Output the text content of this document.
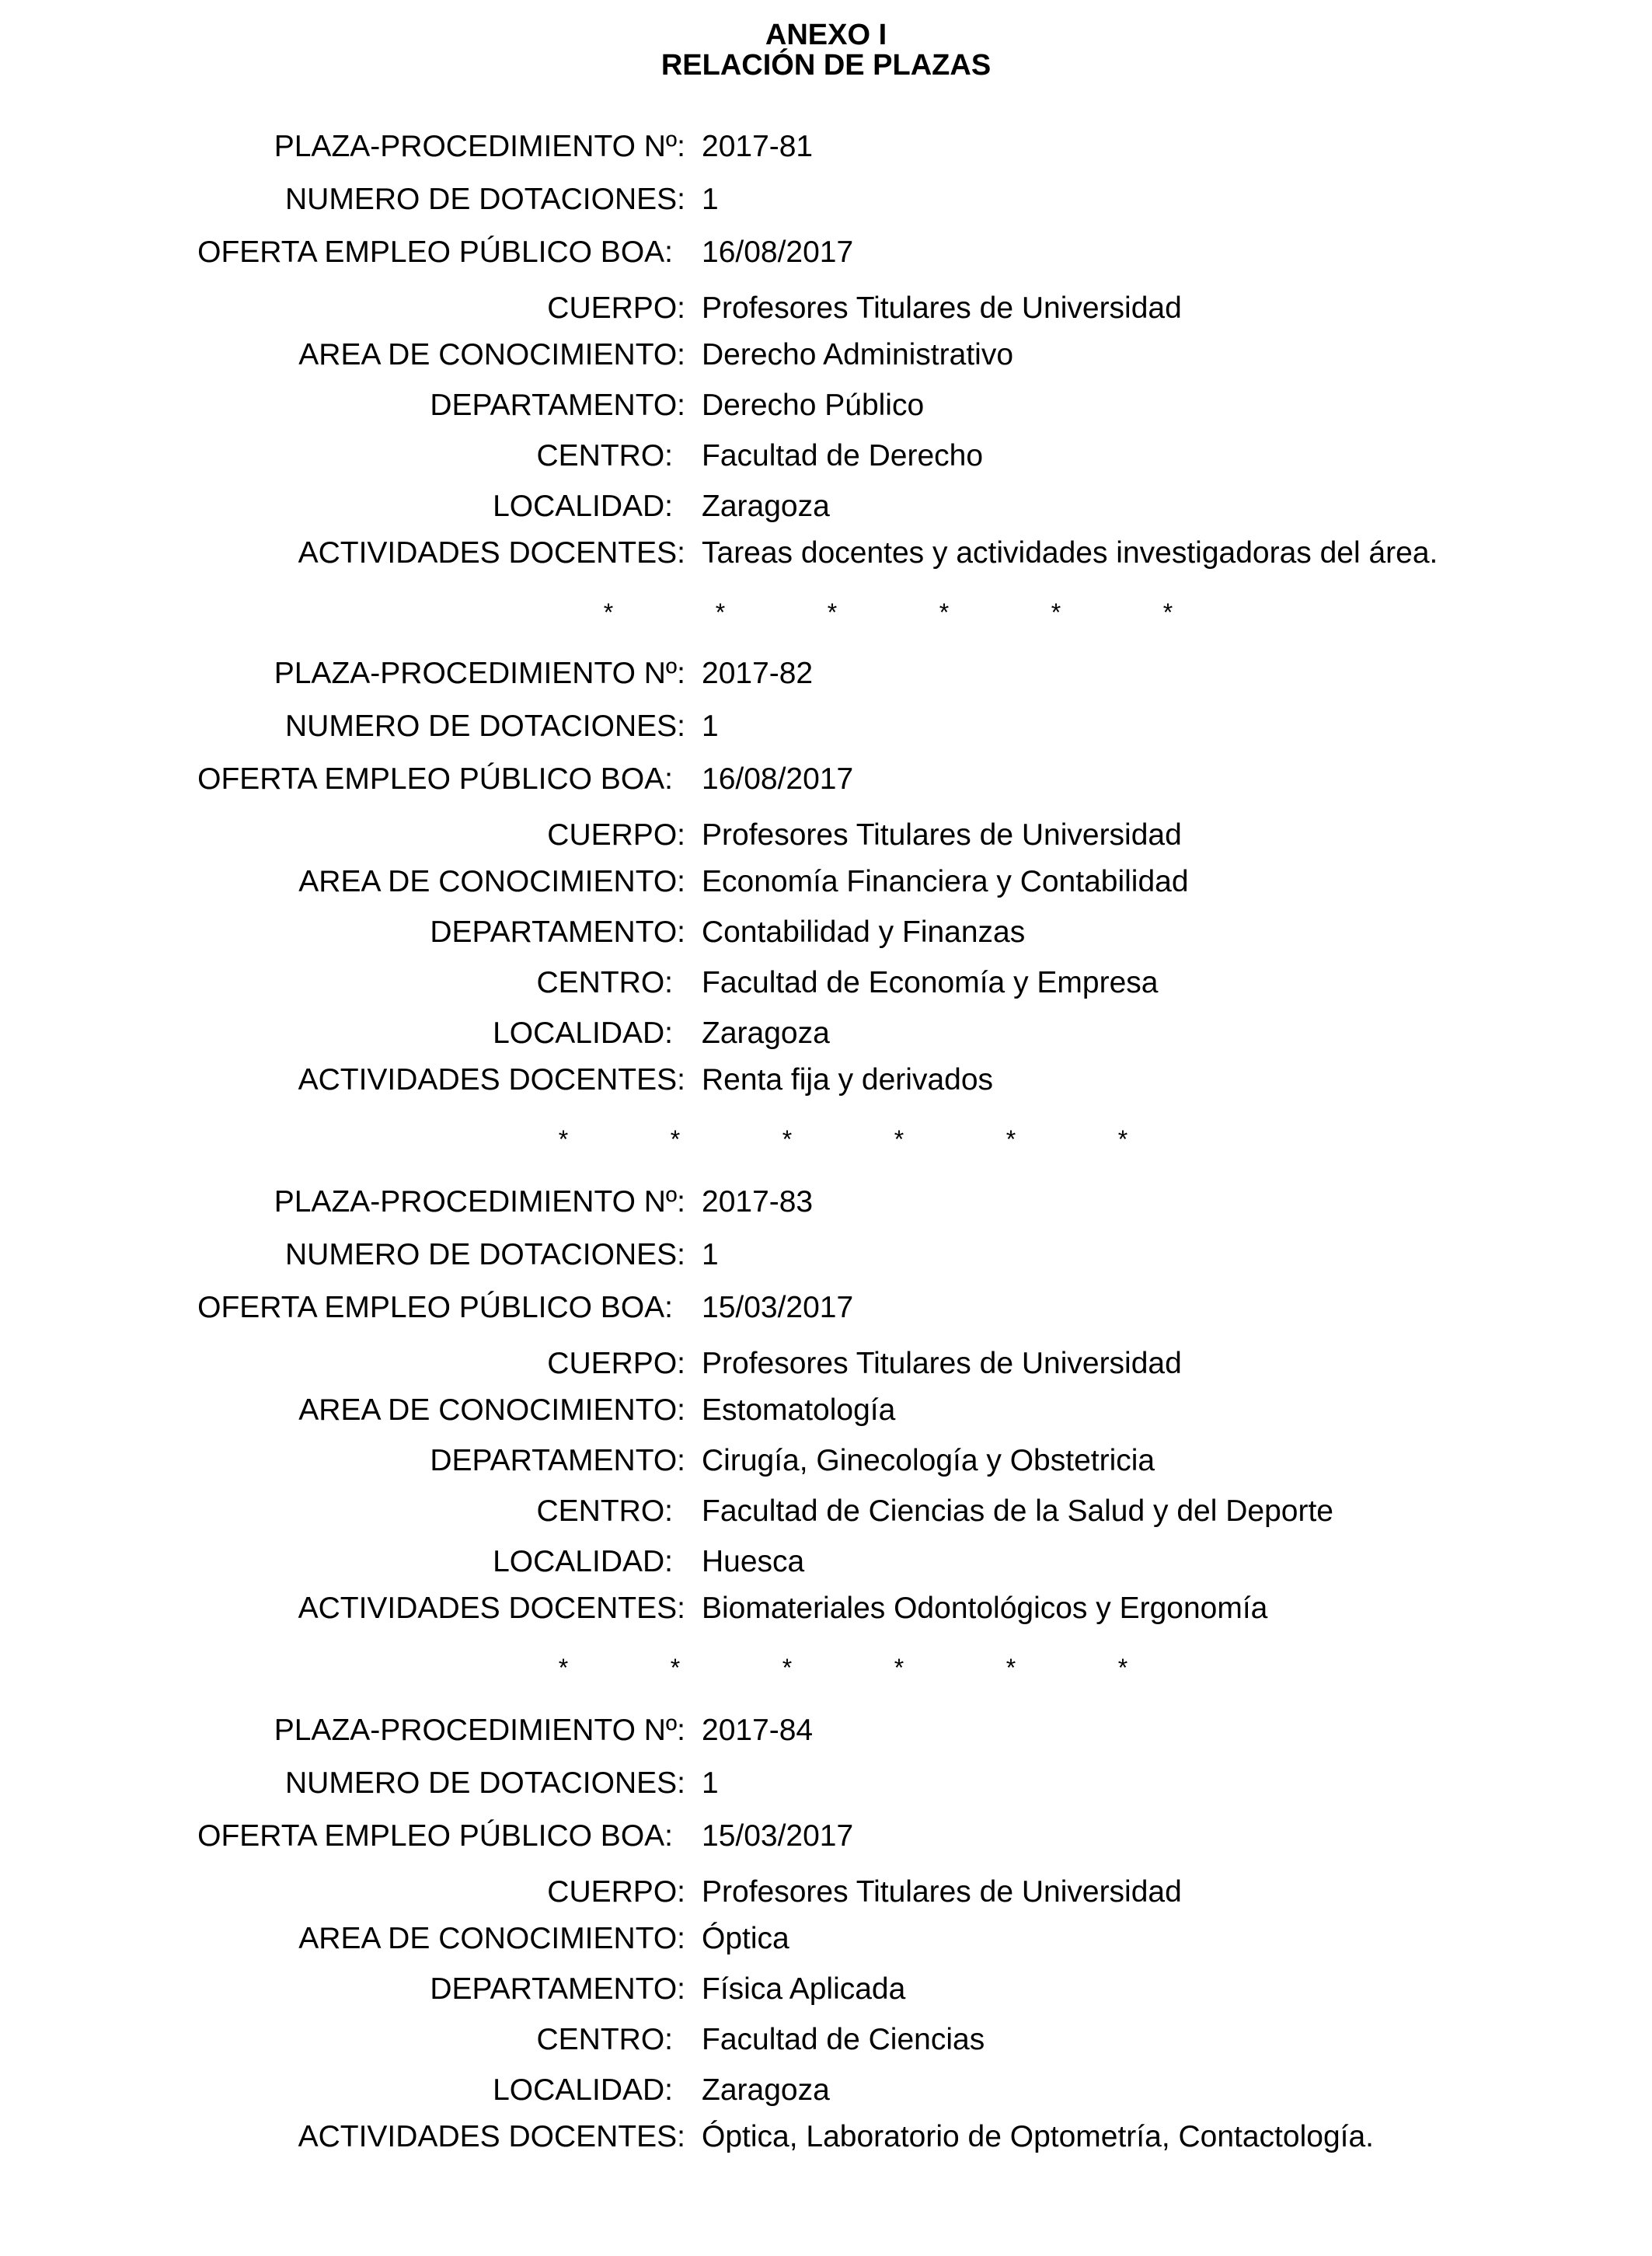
ANEXO I
RELACIÓN DE PLAZAS
PLAZA-PROCEDIMIENTO Nº: 2017-81
NUMERO DE DOTACIONES: 1
OFERTA EMPLEO PÚBLICO BOA: 16/08/2017
CUERPO: Profesores Titulares de Universidad
AREA DE CONOCIMIENTO: Derecho Administrativo
DEPARTAMENTO: Derecho Público
CENTRO: Facultad de Derecho
LOCALIDAD: Zaragoza
ACTIVIDADES DOCENTES: Tareas docentes y actividades investigadoras del área.
*	*	*	*	*	*
PLAZA-PROCEDIMIENTO Nº: 2017-82
NUMERO DE DOTACIONES: 1
OFERTA EMPLEO PÚBLICO BOA: 16/08/2017
CUERPO: Profesores Titulares de Universidad
AREA DE CONOCIMIENTO: Economía Financiera y Contabilidad
DEPARTAMENTO: Contabilidad y Finanzas
CENTRO: Facultad de Economía y Empresa
LOCALIDAD: Zaragoza
ACTIVIDADES DOCENTES: Renta fija y derivados
*	*	*	*	*	*
PLAZA-PROCEDIMIENTO Nº: 2017-83
NUMERO DE DOTACIONES: 1
OFERTA EMPLEO PÚBLICO BOA: 15/03/2017
CUERPO: Profesores Titulares de Universidad
AREA DE CONOCIMIENTO: Estomatología
DEPARTAMENTO: Cirugía, Ginecología y Obstetricia
CENTRO: Facultad de Ciencias de la Salud y del Deporte
LOCALIDAD: Huesca
ACTIVIDADES DOCENTES: Biomateriales Odontológicos y Ergonomía
*	*	*	*	*	*
PLAZA-PROCEDIMIENTO Nº: 2017-84
NUMERO DE DOTACIONES: 1
OFERTA EMPLEO PÚBLICO BOA: 15/03/2017
CUERPO: Profesores Titulares de Universidad
AREA DE CONOCIMIENTO: Óptica
DEPARTAMENTO: Física Aplicada
CENTRO: Facultad de Ciencias
LOCALIDAD: Zaragoza
ACTIVIDADES DOCENTES: Óptica, Laboratorio de Optometría, Contactología.
